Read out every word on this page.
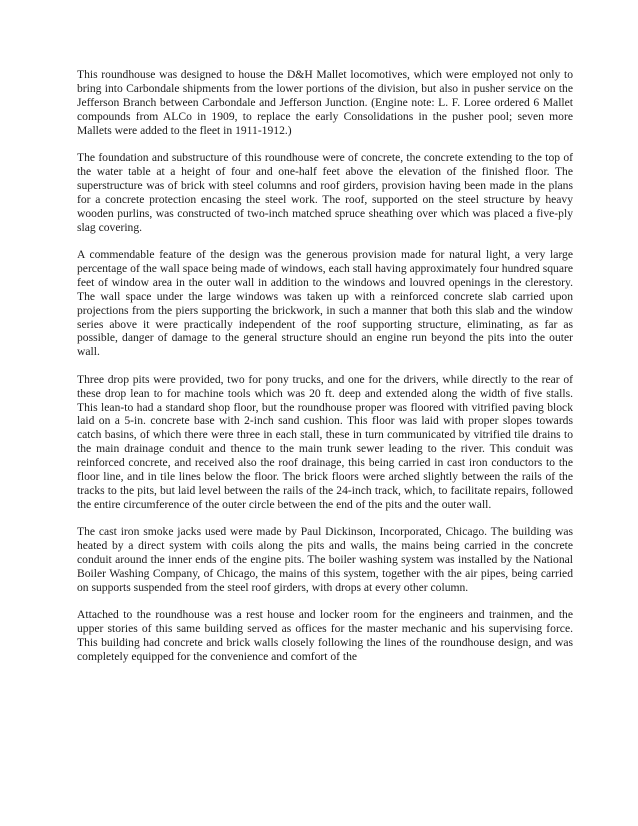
This roundhouse was designed to house the D&H Mallet locomotives, which were employed not only to bring into Carbondale shipments from the lower portions of the division, but also in pusher service on the Jefferson Branch between Carbondale and Jefferson Junction. (Engine note: L. F. Loree ordered 6 Mallet compounds from ALCo in 1909, to replace the early Consolidations in the pusher pool; seven more Mallets were added to the fleet in 1911-1912.)

The foundation and substructure of this roundhouse were of concrete, the concrete extending to the top of the water table at a height of four and one-half feet above the elevation of the finished floor. The superstructure was of brick with steel columns and roof girders, provision having been made in the plans for a concrete protection encasing the steel work. The roof, supported on the steel structure by heavy wooden purlins, was constructed of two-inch matched spruce sheathing over which was placed a five-ply slag covering.

A commendable feature of the design was the generous provision made for natural light, a very large percentage of the wall space being made of windows, each stall having approximately four hundred square feet of window area in the outer wall in addition to the windows and louvred openings in the clerestory. The wall space under the large windows was taken up with a reinforced concrete slab carried upon projections from the piers supporting the brickwork, in such a manner that both this slab and the window series above it were practically independent of the roof supporting structure, eliminating, as far as possible, danger of damage to the general structure should an engine run beyond the pits into the outer wall.

Three drop pits were provided, two for pony trucks, and one for the drivers, while directly to the rear of these drop lean to for machine tools which was 20 ft. deep and extended along the width of five stalls. This lean-to had a standard shop floor, but the roundhouse proper was floored with vitrified paving block laid on a 5-in. concrete base with 2-inch sand cushion. This floor was laid with proper slopes towards catch basins, of which there were three in each stall, these in turn communicated by vitrified tile drains to the main drainage conduit and thence to the main trunk sewer leading to the river. This conduit was reinforced concrete, and received also the roof drainage, this being carried in cast iron conductors to the floor line, and in tile lines below the floor. The brick floors were arched slightly between the rails of the tracks to the pits, but laid level between the rails of the 24-inch track, which, to facilitate repairs, followed the entire circumference of the outer circle between the end of the pits and the outer wall.

The cast iron smoke jacks used were made by Paul Dickinson, Incorporated, Chicago. The building was heated by a direct system with coils along the pits and walls, the mains being carried in the concrete conduit around the inner ends of the engine pits. The boiler washing system was installed by the National Boiler Washing Company, of Chicago, the mains of this system, together with the air pipes, being carried on supports suspended from the steel roof girders, with drops at every other column.

Attached to the roundhouse was a rest house and locker room for the engineers and trainmen, and the upper stories of this same building served as offices for the master mechanic and his supervising force. This building had concrete and brick walls closely following the lines of the roundhouse design, and was completely equipped for the convenience and comfort of the
